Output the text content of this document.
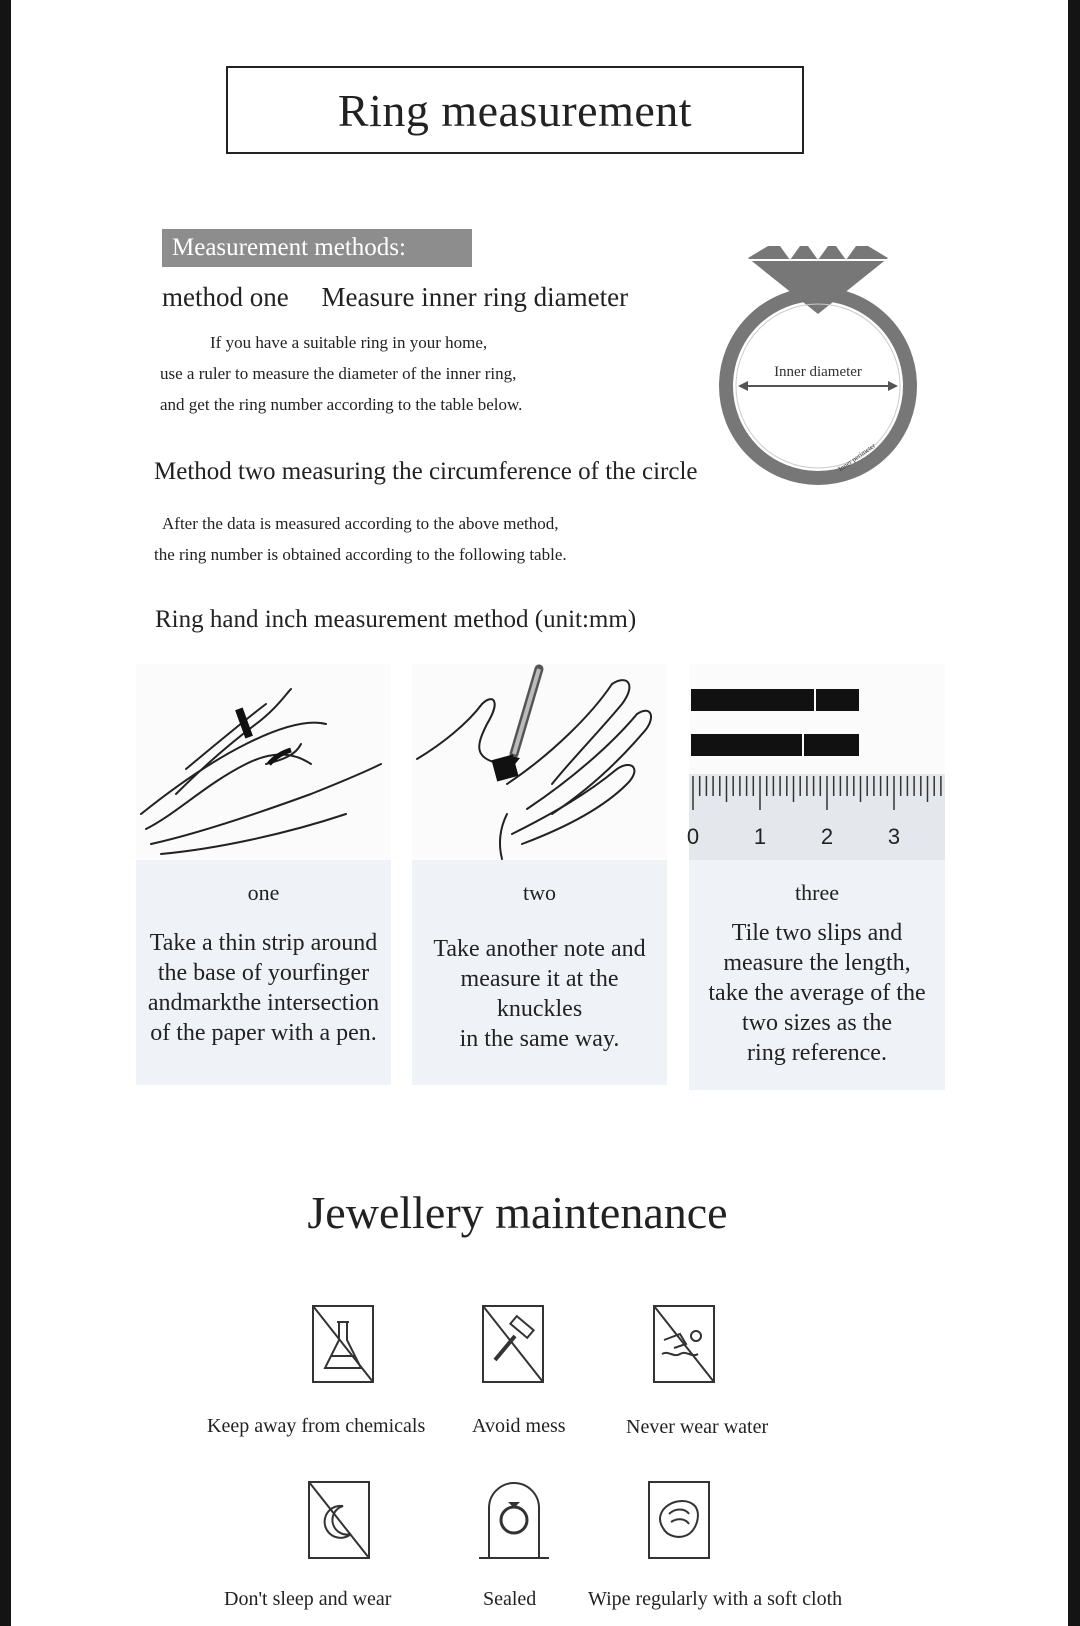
Ring measurement
Measurement methods:
method one Measure inner ring diameter
If you have a suitable ring in your home,
use a ruler to measure the diameter of the inner ring,
and get the ring number according to the table below.
Inner diameter
Inner perimeter
Method two measuring the circumference of the circle
After the data is measured according to the above method,
the ring number is obtained according to the following table.
Ring hand inch measurement method (unit:mm)
0 1 2 3
one
Take a thin strip around
the base of yourfinger
andmarkthe intersection
of the paper with a pen.
two
Take another note and
measure it at the
knuckles
in the same way.
three
Tile two slips and
measure the length,
take the average of the
two sizes as the
ring reference.
Jewellery maintenance
Keep away from chemicals Avoid mess	Never wear water
Don't sleep and wear	Sealed	Wipe regularly with a soft cloth
